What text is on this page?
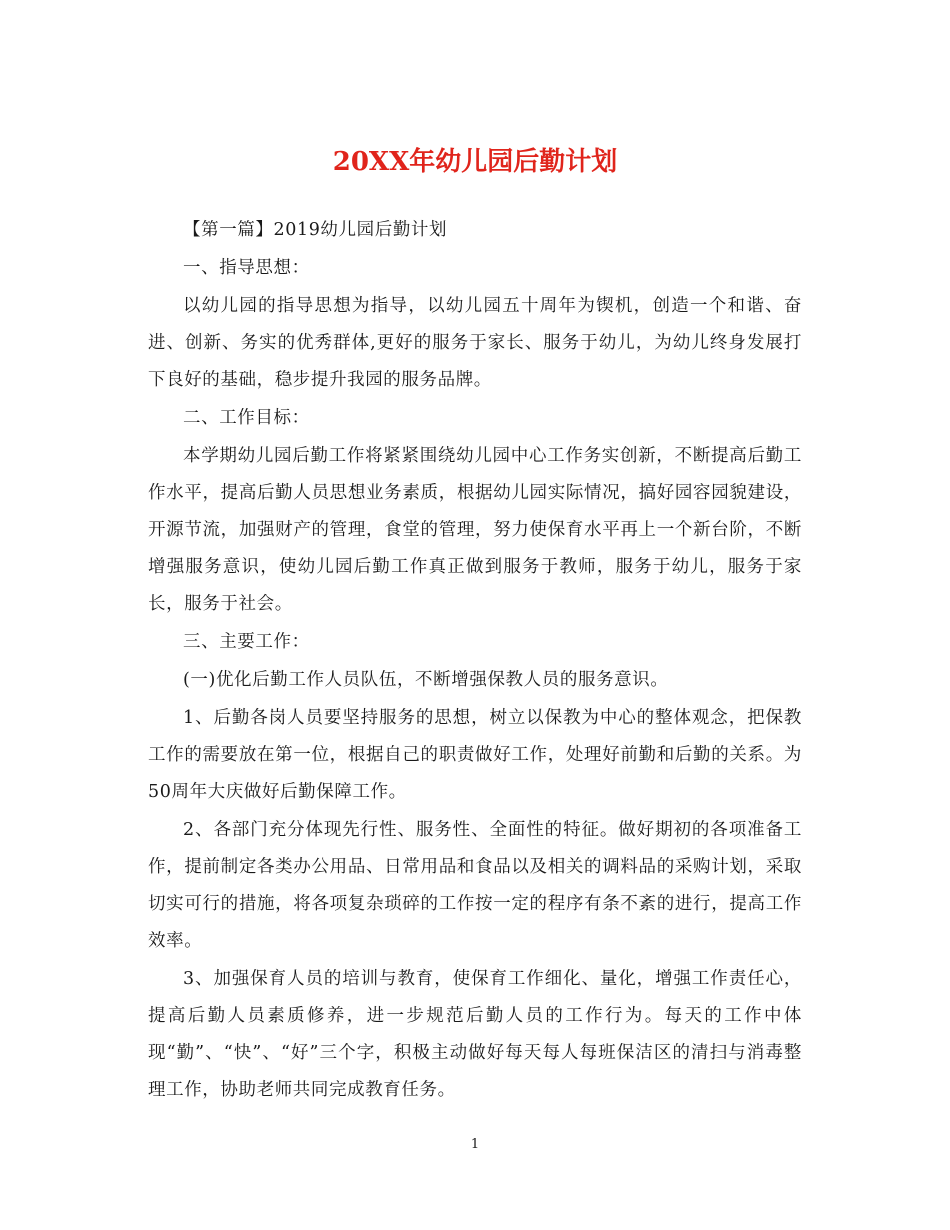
20XX年幼儿园后勤计划

【第一篇】2019幼儿园后勤计划

一、指导思想：

以幼儿园的指导思想为指导，以幼儿园五十周年为锲机，创造一个和谐、奋进、创新、务实的优秀群体,更好的服务于家长、服务于幼儿，为幼儿终身发展打下良好的基础，稳步提升我园的服务品牌。

二、工作目标：

本学期幼儿园后勤工作将紧紧围绕幼儿园中心工作务实创新，不断提高后勤工作水平，提高后勤人员思想业务素质，根据幼儿园实际情况，搞好园容园貌建设，开源节流，加强财产的管理，食堂的管理，努力使保育水平再上一个新台阶，不断增强服务意识，使幼儿园后勤工作真正做到服务于教师，服务于幼儿，服务于家长，服务于社会。

三、主要工作：

(一)优化后勤工作人员队伍，不断增强保教人员的服务意识。

1、后勤各岗人员要坚持服务的思想，树立以保教为中心的整体观念，把保教工作的需要放在第一位，根据自己的职责做好工作，处理好前勤和后勤的关系。为50周年大庆做好后勤保障工作。

2、各部门充分体现先行性、服务性、全面性的特征。做好期初的各项准备工作，提前制定各类办公用品、日常用品和食品以及相关的调料品的采购计划，采取切实可行的措施，将各项复杂琐碎的工作按一定的程序有条不紊的进行，提高工作效率。

3、加强保育人员的培训与教育，使保育工作细化、量化，增强工作责任心，提高后勤人员素质修养，进一步规范后勤人员的工作行为。每天的工作中体现“勤”、“快”、“好”三个字，积极主动做好每天每人每班保洁区的清扫与消毒整理工作，协助老师共同完成教育任务。

1
